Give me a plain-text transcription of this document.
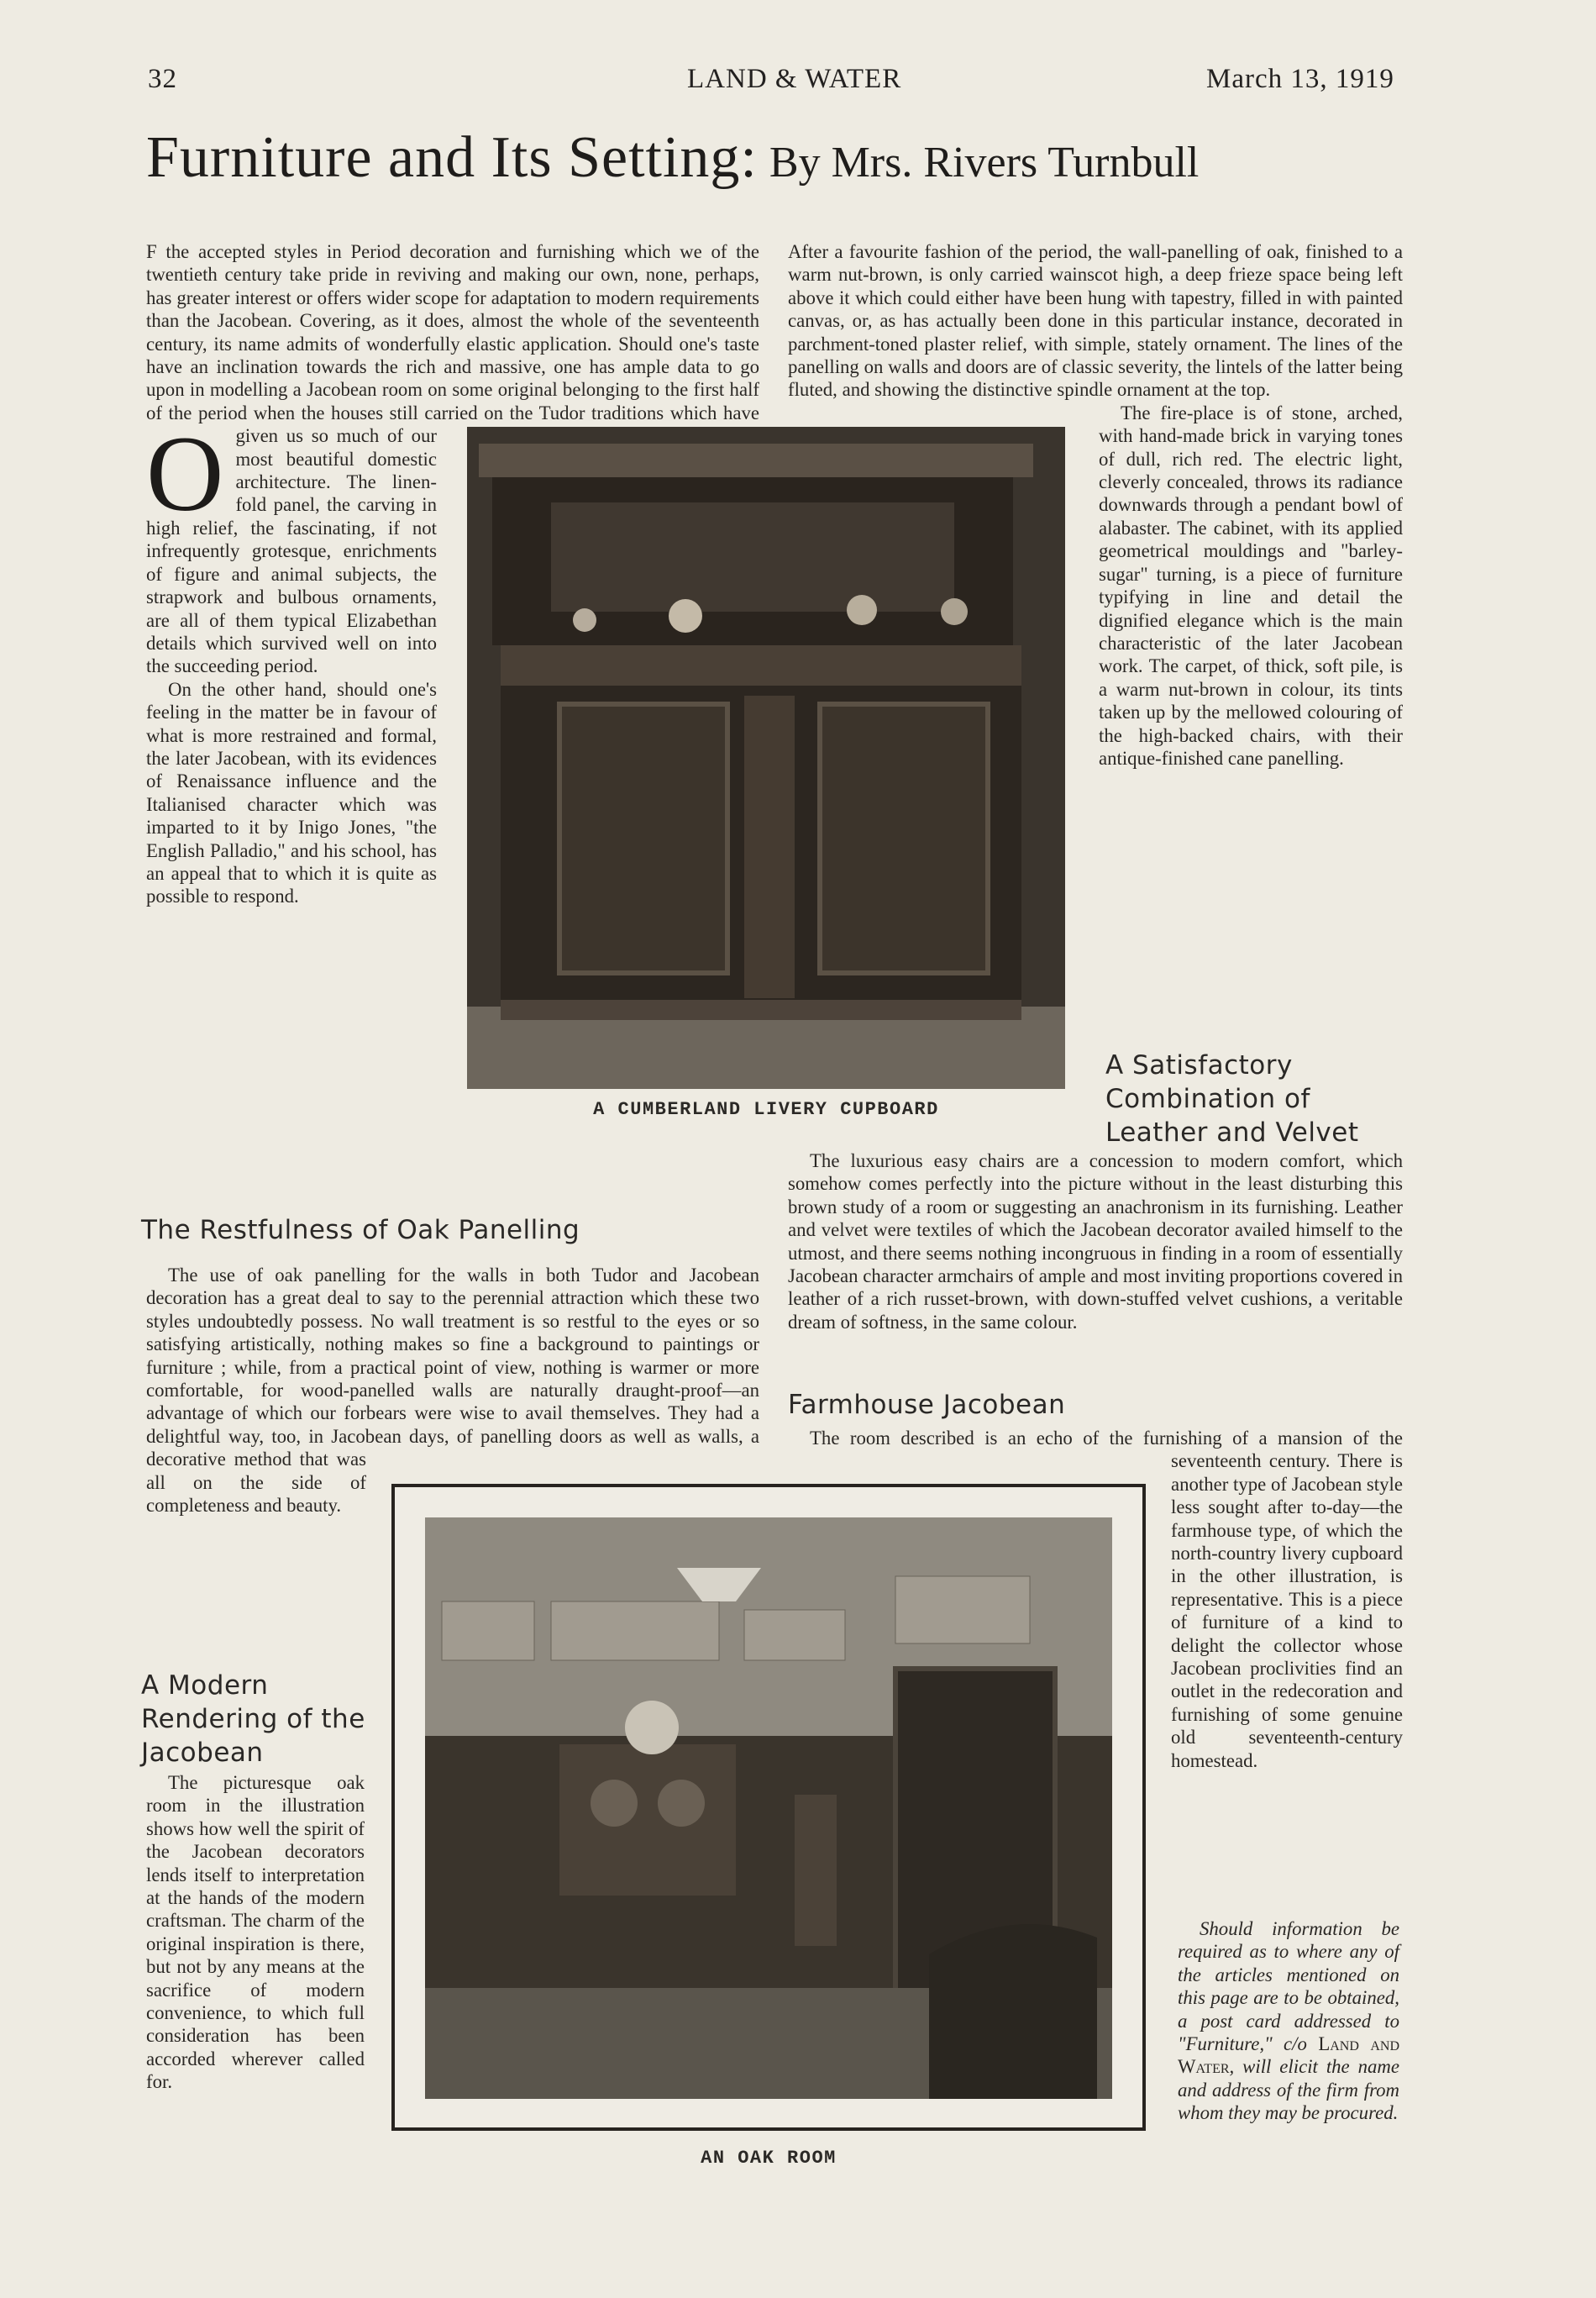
32	LAND & WATER	March 13, 1919
Furniture and Its Setting: By Mrs. Rivers Turnbull
O

F the accepted styles in Period decoration and furnishing which we of the twentieth century take pride in reviving and making our own, none, perhaps, has greater interest or offers wider scope for adaptation to modern requirements than the Jacobean. Covering, as it does, almost the whole of the seventeenth century, its name admits of wonderfully elastic application. Should one's taste have an inclination towards the rich and massive, one has ample data to go upon in modelling a Jacobean room on some original belonging to the first half of the period when the houses still carried on the Tudor traditions which have given us so much of our most beautiful domestic architecture. The linen-fold panel, the carving in high relief, the fascinating, if not infrequently grotesque, enrichments of figure and animal subjects, the strapwork and bulbous ornaments, are all of them typical Elizabethan details which survived well on into the succeeding period.

On the other hand, should one's feeling in the matter be in favour of what is more restrained and formal, the later Jacobean, with its evidences of Renaissance influence and the Italianised character which was imparted to it by Inigo Jones, "the English Palladio," and his school, has an appeal that to which it is quite as possible to respond.

A CUMBERLAND LIVERY CUPBOARD
The Restfulness of Oak Panelling

The use of oak panelling for the walls in both Tudor and Jacobean decoration has a great deal to say to the perennial attraction which these two styles undoubtedly possess. No wall treatment is so restful to the eyes or so satisfying artistically, nothing makes so fine a background to paintings or furniture ; while, from a practical point of view, nothing is warmer or more comfortable, for wood-panelled walls are naturally draught-proof—an advantage of which our forbears were wise to avail themselves. They had a delightful way, too, in Jacobean days, of panelling doors as well as walls, a decorative method that was all on the side of completeness and beauty.

A Modern Rendering of the Jacobean

The picturesque oak room in the illustration shows how well the spirit of the Jacobean decorators lends itself to interpretation at the hands of the modern craftsman. The charm of the original inspiration is there, but not by any means at the sacrifice of modern convenience, to which full consideration has been accorded wherever called for.

AN OAK ROOM

After a favourite fashion of the period, the wall-panelling of oak, finished to a warm nut-brown, is only carried wainscot high, a deep frieze space being left above it which could either have been hung with tapestry, filled in with painted canvas, or, as has actually been done in this particular instance, decorated in parchment-toned plaster relief, with simple, stately ornament. The lines of the panelling on walls and doors are of classic severity, the lintels of the latter being fluted, and showing the distinctive spindle ornament at the top.

The fire-place is of stone, arched, with hand-made brick in varying tones of dull, rich red. The electric light, cleverly concealed, throws its radiance downwards through a pendant bowl of alabaster. The cabinet, with its applied geometrical mouldings and "barley-sugar" turning, is a piece of furniture typifying in line and detail the dignified elegance which is the main characteristic of the later Jacobean work. The carpet, of thick, soft pile, is a warm nut-brown in colour, its tints taken up by the mellowed colouring of the high-backed chairs, with their antique-finished cane panelling.

A Satisfactory Combination of Leather and Velvet

The luxurious easy chairs are a concession to modern comfort, which somehow comes perfectly into the picture without in the least disturbing this brown study of a room or suggesting an anachronism in its furnishing. Leather and velvet were textiles of which the Jacobean decorator availed himself to the utmost, and there seems nothing incongruous in finding in a room of essentially Jacobean character armchairs of ample and most inviting proportions covered in leather of a rich russet-brown, with down-stuffed velvet cushions, a veritable dream of softness, in the same colour.

Farmhouse Jacobean

The room described is an echo of the furnishing of a mansion of the seventeenth century. There is another type of Jacobean style less sought after to-day—the farmhouse type, of which the north-country livery cupboard in the other illustration, is representative. This is a piece of furniture of a kind to delight the collector whose Jacobean proclivities find an outlet in the redecoration and furnishing of some genuine old seventeenth-century homestead.

Should information be required as to where any of the articles mentioned on this page are to be obtained, a post card addressed to "Furniture," c/o Land and Water, will elicit the name and address of the firm from whom they may be procured.
